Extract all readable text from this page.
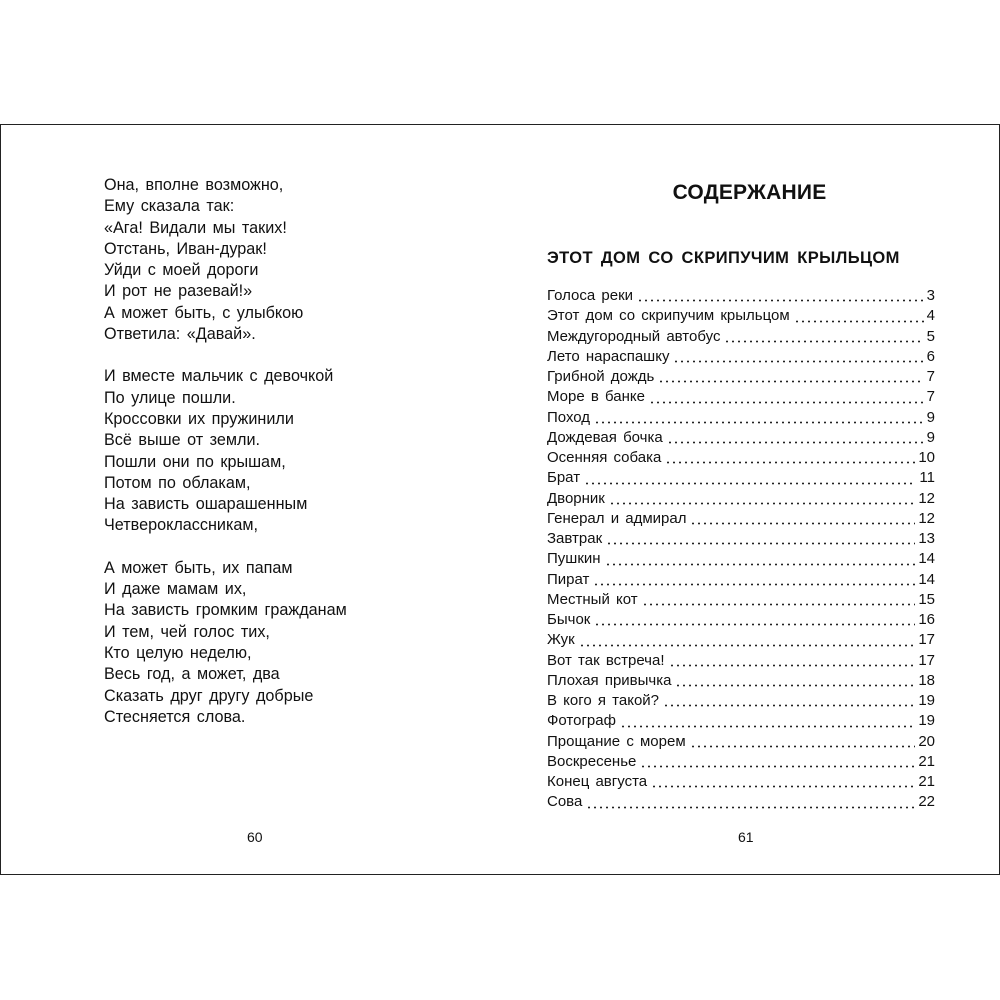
Она, вполне возможно,
Ему сказала так:
«Ага! Видали мы таких!
Отстань, Иван-дурак!
Уйди с моей дороги
И рот не разевай!»
А может быть, с улыбкою
Ответила: «Давай».
И вместе мальчик с девочкой
По улице пошли.
Кроссовки их пружинили
Всё выше от земли.
Пошли они по крышам,
Потом по облакам,
На зависть ошарашенным
Четвероклассникам,
А может быть, их папам
И даже мамам их,
На зависть громким гражданам
И тем, чей голос тих,
Кто целую неделю,
Весь год, а может, два
Сказать друг другу добрые
Стесняется слова.
60
СОДЕРЖАНИЕ
ЭТОТ ДОМ СО СКРИПУЧИМ КРЫЛЬЦОМ
Голоса реки	3
Этот дом со скрипучим крыльцом	4
Междугородный автобус	5
Лето нараспашку	6
Грибной дождь	7
Море в банке	7
Поход	9
Дождевая бочка	9
Осенняя собака	10
Брат	11
Дворник	12
Генерал и адмирал	12
Завтрак	13
Пушкин	14
Пират	14
Местный кот	15
Бычок	16
Жук	17
Вот так встреча!	17
Плохая привычка	18
В кого я такой?	19
Фотограф	19
Прощание с морем	20
Воскресенье	21
Конец августа	21
Сова	22
61
